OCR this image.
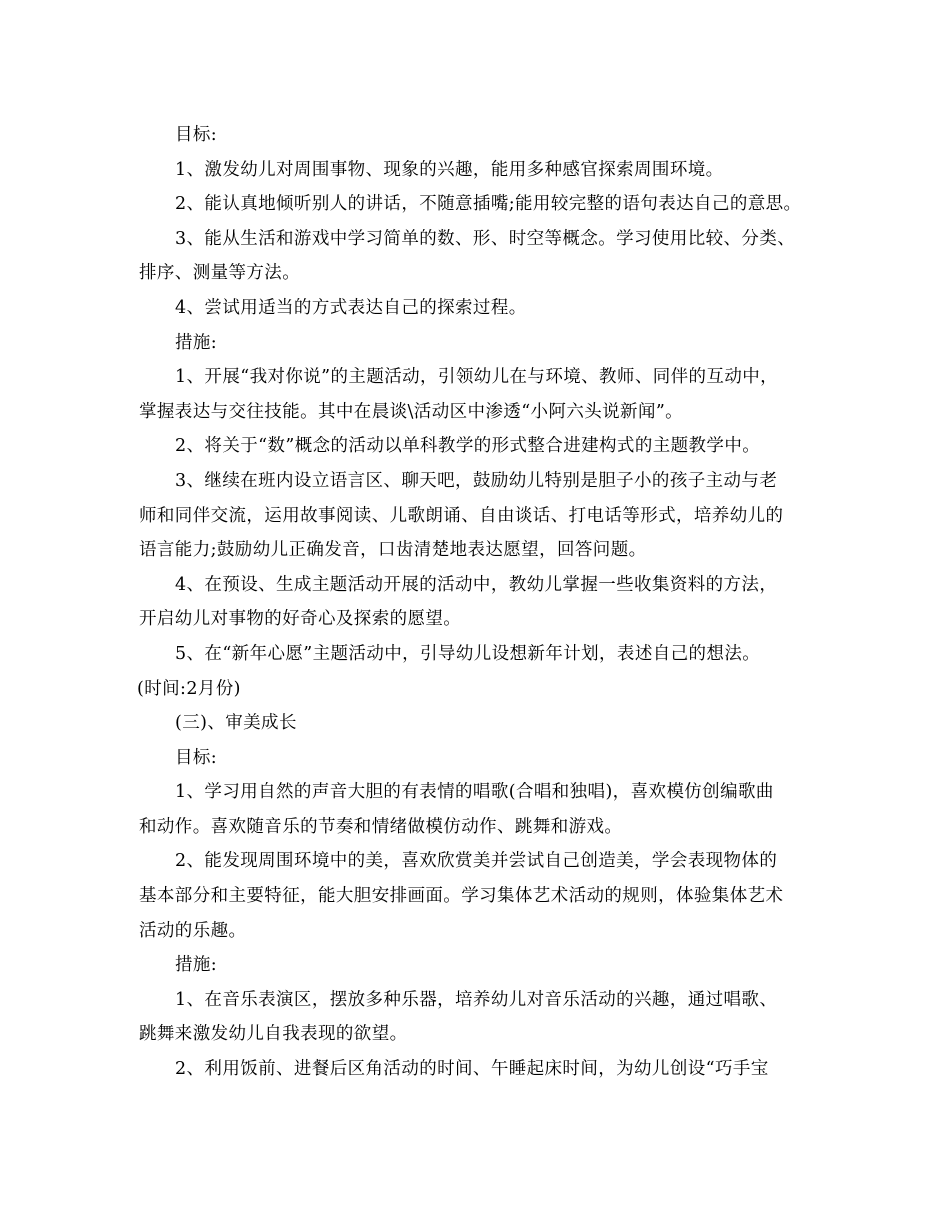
目标:

1、激发幼儿对周围事物、现象的兴趣，能用多种感官探索周围环境。

2、能认真地倾听别人的讲话，不随意插嘴;能用较完整的语句表达自己的意思。

3、能从生活和游戏中学习简单的数、形、时空等概念。学习使用比较、分类、

排序、测量等方法。

4、尝试用适当的方式表达自己的探索过程。

措施:

1、开展“我对你说”的主题活动，引领幼儿在与环境、教师、同伴的互动中，

掌握表达与交往技能。其中在晨谈\活动区中渗透“小阿六头说新闻”。

2、将关于“数”概念的活动以单科教学的形式整合进建构式的主题教学中。

3、继续在班内设立语言区、聊天吧，鼓励幼儿特别是胆子小的孩子主动与老

师和同伴交流，运用故事阅读、儿歌朗诵、自由谈话、打电话等形式，培养幼儿的

语言能力;鼓励幼儿正确发音，口齿清楚地表达愿望，回答问题。

4、在预设、生成主题活动开展的活动中，教幼儿掌握一些收集资料的方法，

开启幼儿对事物的好奇心及探索的愿望。

5、在“新年心愿”主题活动中，引导幼儿设想新年计划，表述自己的想法。

(时间:2月份)

(三)、审美成长

目标:

1、学习用自然的声音大胆的有表情的唱歌(合唱和独唱)，喜欢模仿创编歌曲

和动作。喜欢随音乐的节奏和情绪做模仿动作、跳舞和游戏。

2、能发现周围环境中的美，喜欢欣赏美并尝试自己创造美，学会表现物体的

基本部分和主要特征，能大胆安排画面。学习集体艺术活动的规则，体验集体艺术

活动的乐趣。

措施:

1、在音乐表演区，摆放多种乐器，培养幼儿对音乐活动的兴趣，通过唱歌、

跳舞来激发幼儿自我表现的欲望。

2、利用饭前、进餐后区角活动的时间、午睡起床时间，为幼儿创设“巧手宝
